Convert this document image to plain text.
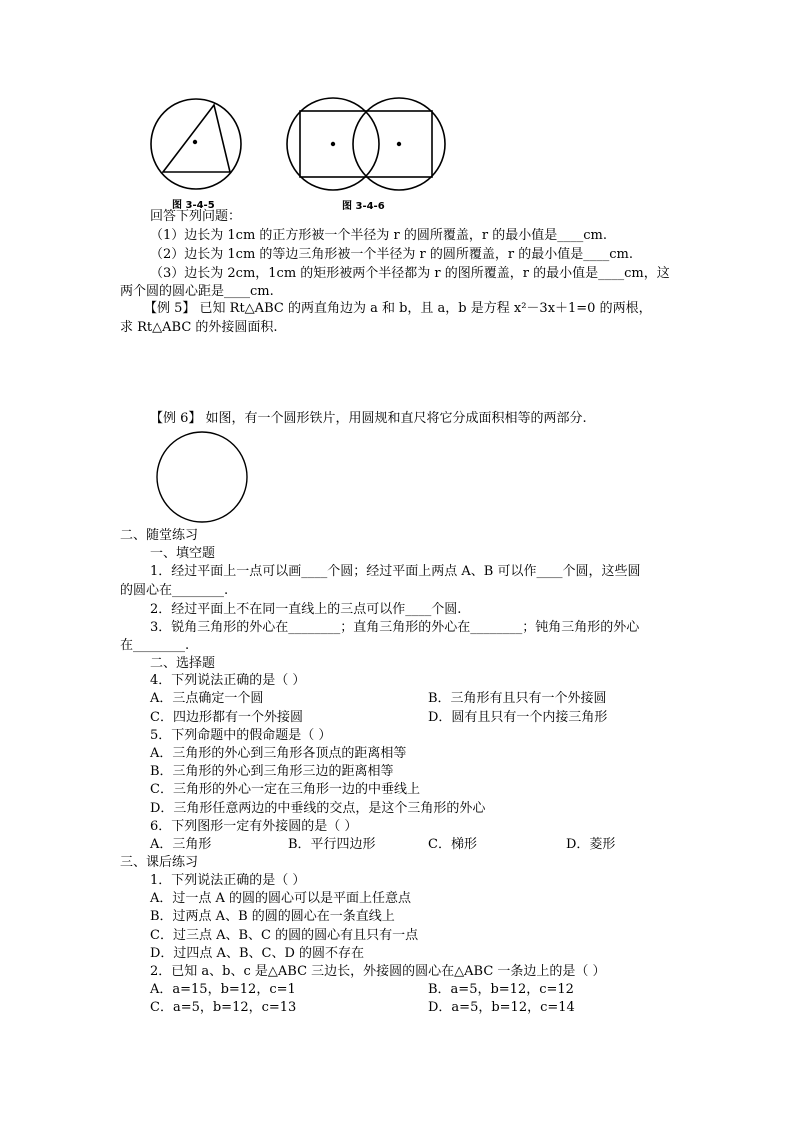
图 3-4-5	图 3-4-6
回答下列问题：
（1）边长为 1cm 的正方形被一个半径为 r 的圆所覆盖，r 的最小值是____cm.
（2）边长为 1cm 的等边三角形被一个半径为 r 的圆所覆盖，r 的最小值是____cm.
（3）边长为 2cm，1cm 的矩形被两个半径都为 r 的图所覆盖，r 的最小值是____cm，这
两个圆的圆心距是____cm.
【例 5】 已知 Rt△ABC 的两直角边为 a 和 b，且 a，b 是方程 x²－3x＋1=0 的两根，
求 Rt△ABC 的外接圆面积.
【例 6】 如图，有一个圆形铁片，用圆规和直尺将它分成面积相等的两部分.
二、随堂练习
一、填空题
1．经过平面上一点可以画____个圆；经过平面上两点 A、B 可以作____个圆，这些圆
的圆心在________.
2．经过平面上不在同一直线上的三点可以作____个圆.
3．锐角三角形的外心在________；直角三角形的外心在________；钝角三角形的外心
在________.
二、选择题
4．下列说法正确的是（ ）
A．三点确定一个圆	B．三角形有且只有一个外接圆
C．四边形都有一个外接圆	D．圆有且只有一个内接三角形
5．下列命题中的假命题是（ ）
A．三角形的外心到三角形各顶点的距离相等
B．三角形的外心到三角形三边的距离相等
C．三角形的外心一定在三角形一边的中垂线上
D．三角形任意两边的中垂线的交点，是这个三角形的外心
6．下列图形一定有外接圆的是（ ）
A．三角形	B．平行四边形	C．梯形	D．菱形
三、课后练习
1．下列说法正确的是（ ）
A．过一点 A 的圆的圆心可以是平面上任意点
B．过两点 A、B 的圆的圆心在一条直线上
C．过三点 A、B、C 的圆的圆心有且只有一点
D．过四点 A、B、C、D 的圆不存在
2．已知 a、b、c 是△ABC 三边长，外接圆的圆心在△ABC 一条边上的是（ ）
A．a=15，b=12，c=1	B．a=5，b=12，c=12
C．a=5，b=12，c=13	D．a=5，b=12，c=14
